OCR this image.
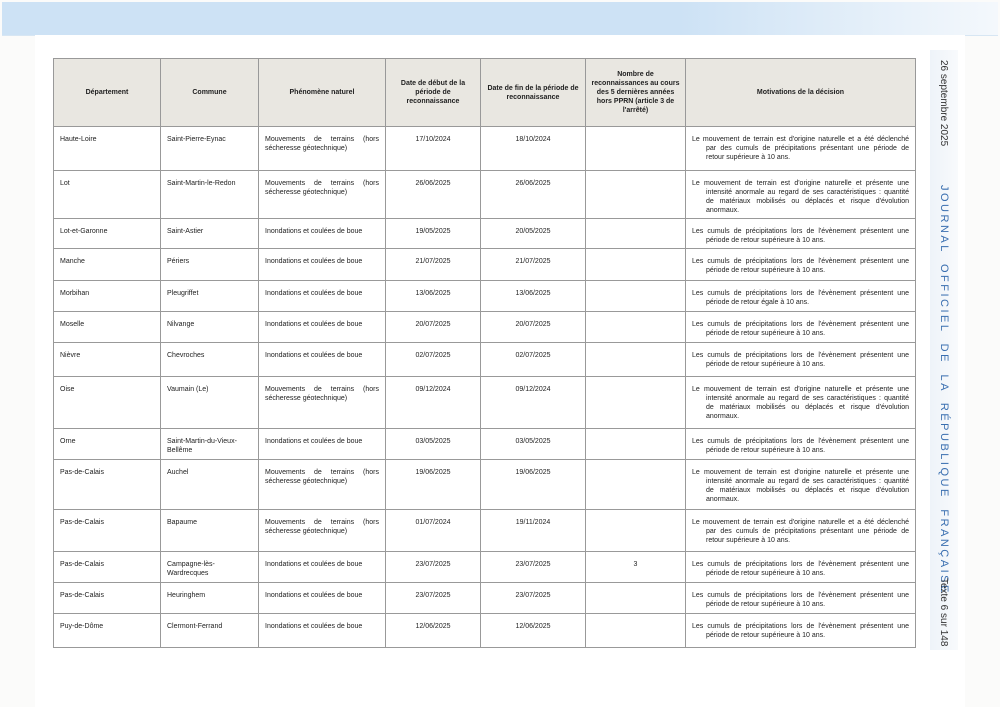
26 septembre 2025
JOURNAL OFFICIEL DE LA RÉPUBLIQUE FRANÇAISE
Texte 6 sur 148
Département	Commune	Phénomène naturel	Date de début de la période de reconnaissance	Date de fin de la période de reconnaissance	Nombre de reconnaissances au cours des 5 dernières années hors PPRN (article 3 de l'arrêté)	Motivations de la décision
Haute-Loire	Saint-Pierre-Eynac	Mouvements de terrains (hors sécheresse géotechnique)	17/10/2024	18/10/2024		Le mouvement de terrain est d'origine naturelle et a été déclenché par des cumuls de précipitations présentant une période de retour supérieure à 10 ans.
Lot	Saint-Martin-le-Redon	Mouvements de terrains (hors sécheresse géotechnique)	26/06/2025	26/06/2025		Le mouvement de terrain est d'origine naturelle et présente une intensité anormale au regard de ses caractéristiques : quantité de matériaux mobilisés ou déplacés et risque d'évolution anormaux.
Lot-et-Garonne	Saint-Astier	Inondations et coulées de boue	19/05/2025	20/05/2025		Les cumuls de précipitations lors de l'évènement présentent une période de retour supérieure à 10 ans.
Manche	Périers	Inondations et coulées de boue	21/07/2025	21/07/2025		Les cumuls de précipitations lors de l'évènement présentent une période de retour supérieure à 10 ans.
Morbihan	Pleugriffet	Inondations et coulées de boue	13/06/2025	13/06/2025		Les cumuls de précipitations lors de l'évènement présentent une période de retour égale à 10 ans.
Moselle	Nilvange	Inondations et coulées de boue	20/07/2025	20/07/2025		Les cumuls de précipitations lors de l'évènement présentent une période de retour supérieure à 10 ans.
Nièvre	Chevroches	Inondations et coulées de boue	02/07/2025	02/07/2025		Les cumuls de précipitations lors de l'évènement présentent une période de retour supérieure à 10 ans.
Oise	Vaumain (Le)	Mouvements de terrains (hors sécheresse géotechnique)	09/12/2024	09/12/2024		Le mouvement de terrain est d'origine naturelle et présente une intensité anormale au regard de ses caractéristiques : quantité de matériaux mobilisés ou déplacés et risque d'évolution anormaux.
Orne	Saint-Martin-du-Vieux-Bellême	Inondations et coulées de boue	03/05/2025	03/05/2025		Les cumuls de précipitations lors de l'évènement présentent une période de retour supérieure à 10 ans.
Pas-de-Calais	Auchel	Mouvements de terrains (hors sécheresse géotechnique)	19/06/2025	19/06/2025		Le mouvement de terrain est d'origine naturelle et présente une intensité anormale au regard de ses caractéristiques : quantité de matériaux mobilisés ou déplacés et risque d'évolution anormaux.
Pas-de-Calais	Bapaume	Mouvements de terrains (hors sécheresse géotechnique)	01/07/2024	19/11/2024		Le mouvement de terrain est d'origine naturelle et a été déclenché par des cumuls de précipitations présentant une période de retour supérieure à 10 ans.
Pas-de-Calais	Campagne-lès-Wardrecques	Inondations et coulées de boue	23/07/2025	23/07/2025	3	Les cumuls de précipitations lors de l'évènement présentent une période de retour supérieure à 10 ans.
Pas-de-Calais	Heuringhem	Inondations et coulées de boue	23/07/2025	23/07/2025		Les cumuls de précipitations lors de l'évènement présentent une période de retour supérieure à 10 ans.
Puy-de-Dôme	Clermont-Ferrand	Inondations et coulées de boue	12/06/2025	12/06/2025		Les cumuls de précipitations lors de l'évènement présentent une période de retour supérieure à 10 ans.
